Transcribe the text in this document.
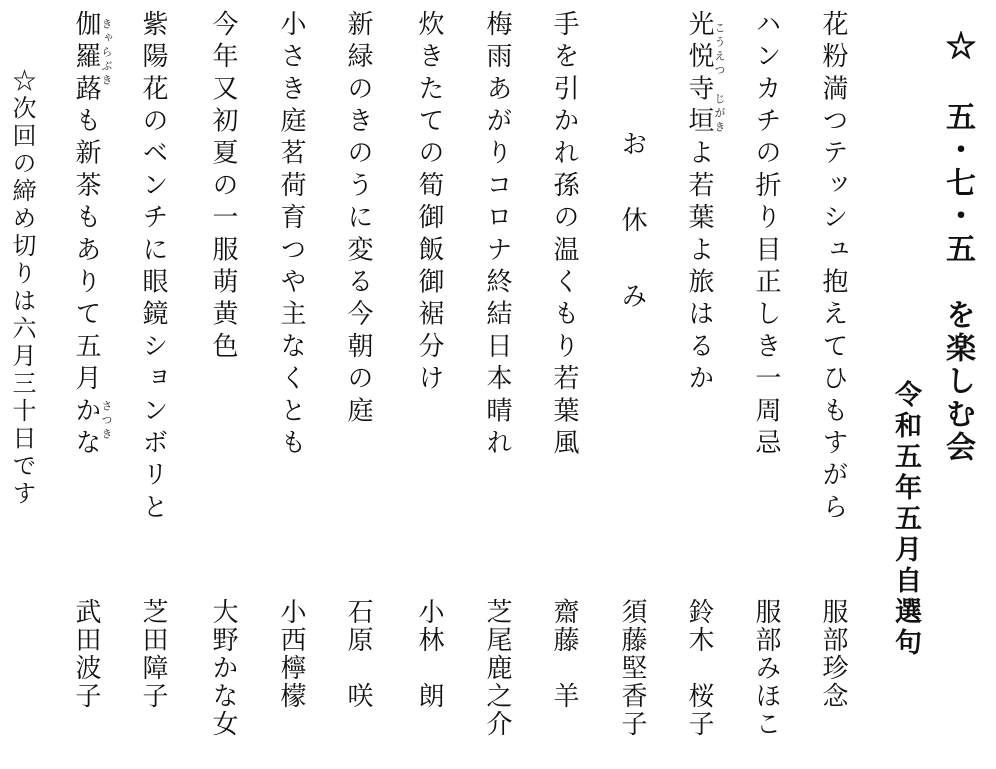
☆ 五・七・五　を楽しむ会
令和五年五月自選句
花粉満つテッシュ抱えてひもすがら
服部珍念
ハンカチの折り目正しき一周忌
服部みほこ
光悦寺垣よ若葉よ旅はるか
鈴木　桜子
こうえつ
じがき
お　休　み
須藤堅香子
手を引かれ孫の温くもり若葉風
齋藤　羊
梅雨あがりコロナ終結日本晴れ
芝尾鹿之介
炊きたての筍御飯御裾分け
小林　朗
新緑のきのうに変る今朝の庭
石原　咲
小さき庭茗荷育つや主なくとも
小西檸檬
今年又初夏の一服萌黄色
大野かな女
紫陽花のベンチに眼鏡ションボリと
芝田障子
伽羅蕗も新茶もありて五月かな
武田波子
きゃらぶき
さつき
☆次回の締め切りは六月三十日です
